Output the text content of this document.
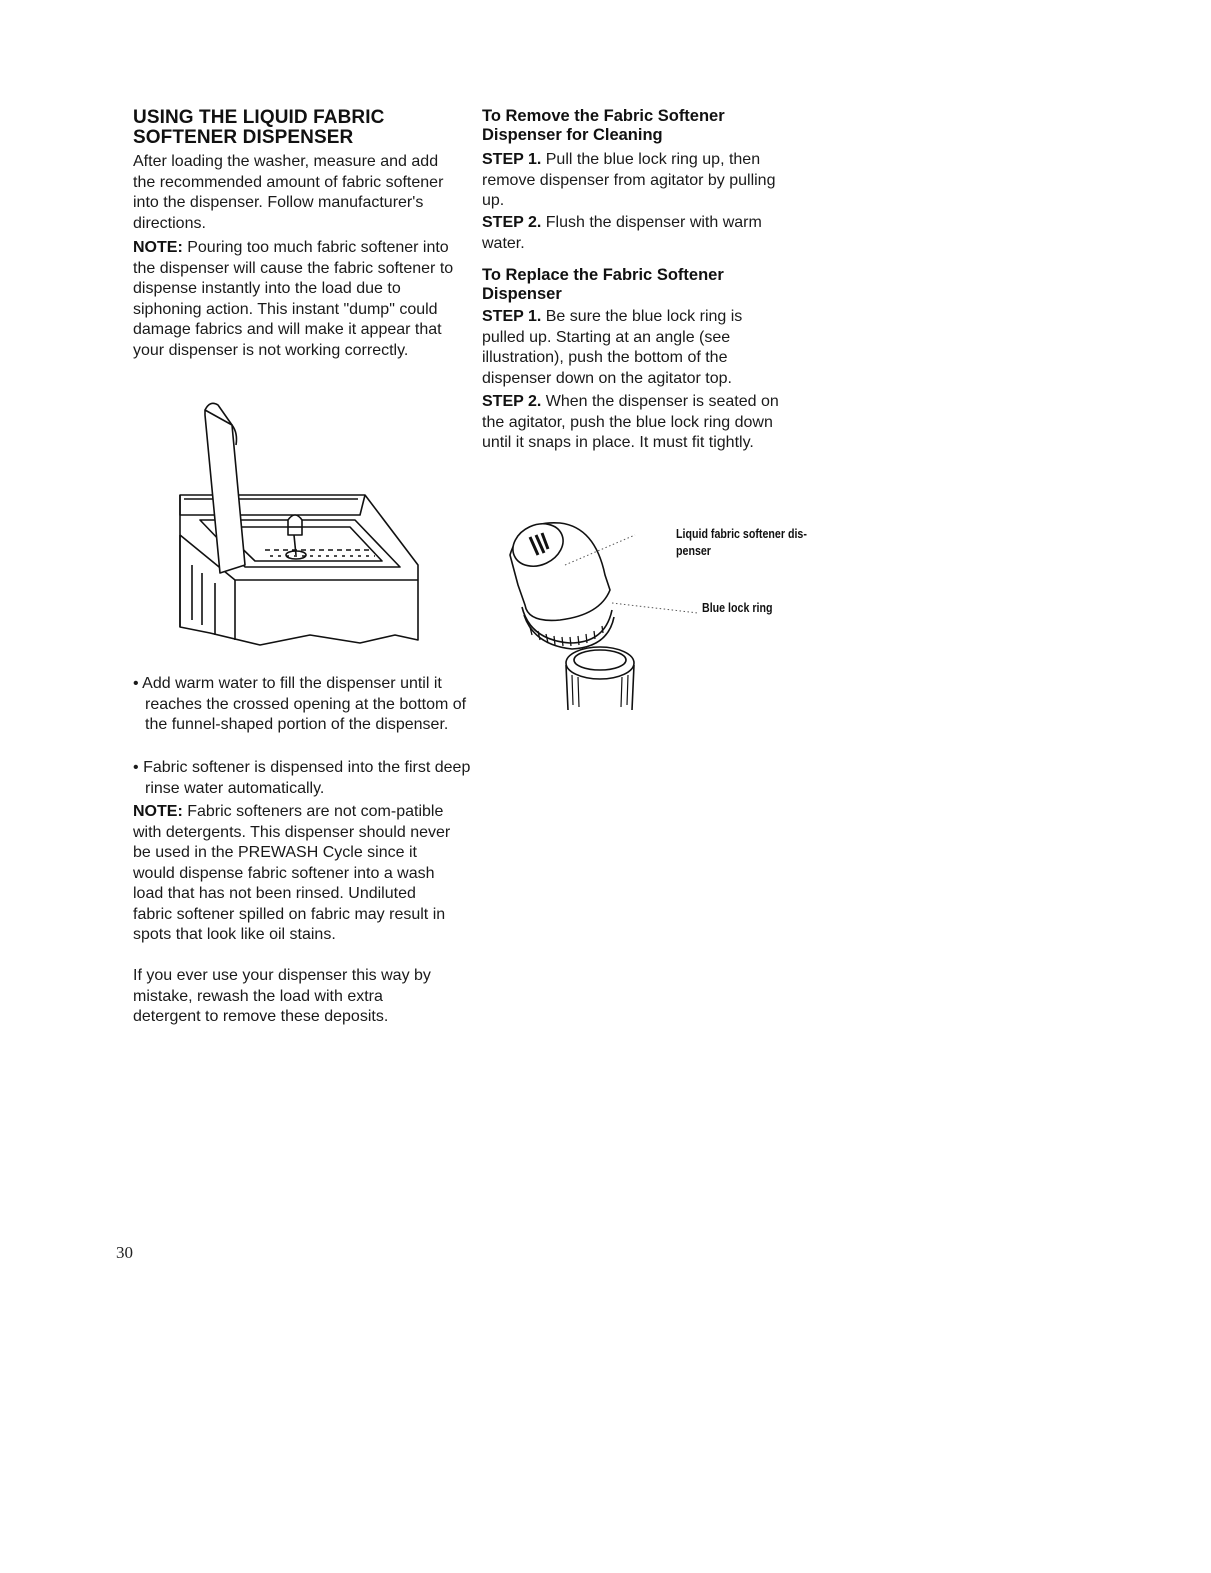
USING THE LIQUID FABRIC SOFTENER DISPENSER

After loading the washer, measure and add the recommended amount of fabric softener into the dispenser. Follow manufacturer's directions.

NOTE: Pouring too much fabric softener into the dispenser will cause the fabric softener to dispense instantly into the load due to siphoning action. This instant "dump" could damage fabrics and will make it appear that your dispenser is not working correctly.

• Add warm water to fill the dispenser until it reaches the crossed opening at the bottom of the funnel-shaped portion of the dispenser.

• Fabric softener is dispensed into the first deep rinse water automatically.

NOTE: Fabric softeners are not com-patible with detergents. This dispenser should never be used in the PREWASH Cycle since it would dispense fabric softener into a wash load that has not been rinsed. Undiluted fabric softener spilled on fabric may result in spots that look like oil stains.

If you ever use your dispenser this way by mistake, rewash the load with extra detergent to remove these deposits.

To Remove the Fabric Softener Dispenser for Cleaning

STEP 1. Pull the blue lock ring up, then remove dispenser from agitator by pulling up.

STEP 2. Flush the dispenser with warm water.

To Replace the Fabric Softener Dispenser

STEP 1. Be sure the blue lock ring is pulled up. Starting at an angle (see illustration), push the bottom of the dispenser down on the agitator top.

STEP 2. When the dispenser is seated on the agitator, push the blue lock ring down until it snaps in place. It must fit tightly.

Liquid fabric softener dis-penser
Blue lock ring
30
